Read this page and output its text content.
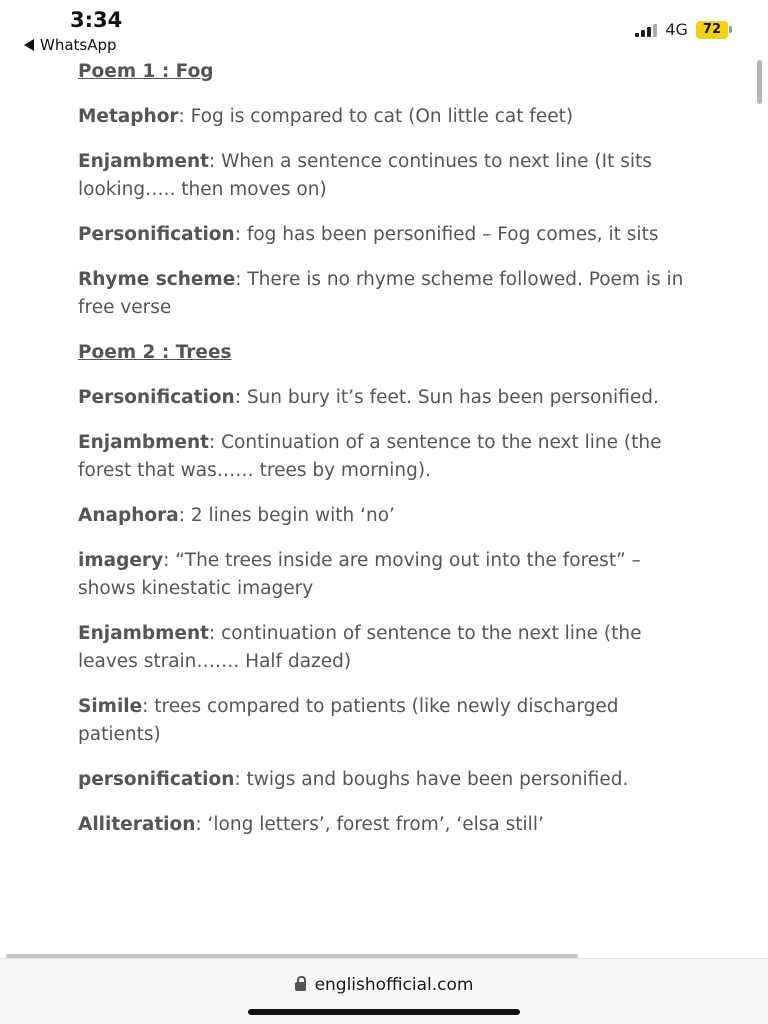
3:34
WhatsApp
4G	72
Poem 1 : Fog
Metaphor: Fog is compared to cat (On little cat feet)
Enjambment: When a sentence continues to next line (It sits looking….. then moves on)
Personification: fog has been personified – Fog comes, it sits
Rhyme scheme: There is no rhyme scheme followed. Poem is in free verse
Poem 2 : Trees
Personification: Sun bury it’s feet. Sun has been personified.
Enjambment: Continuation of a sentence to the next line (the forest that was…… trees by morning).
Anaphora: 2 lines begin with ‘no’
imagery: “The trees inside are moving out into the forest” – shows kinestatic imagery
Enjambment: continuation of sentence to the next line (the leaves strain……. Half dazed)
Simile: trees compared to patients (like newly discharged patients)
personification: twigs and boughs have been personified.
Alliteration: ‘long letters’, forest from’, ‘elsa still’
englishofficial.com
